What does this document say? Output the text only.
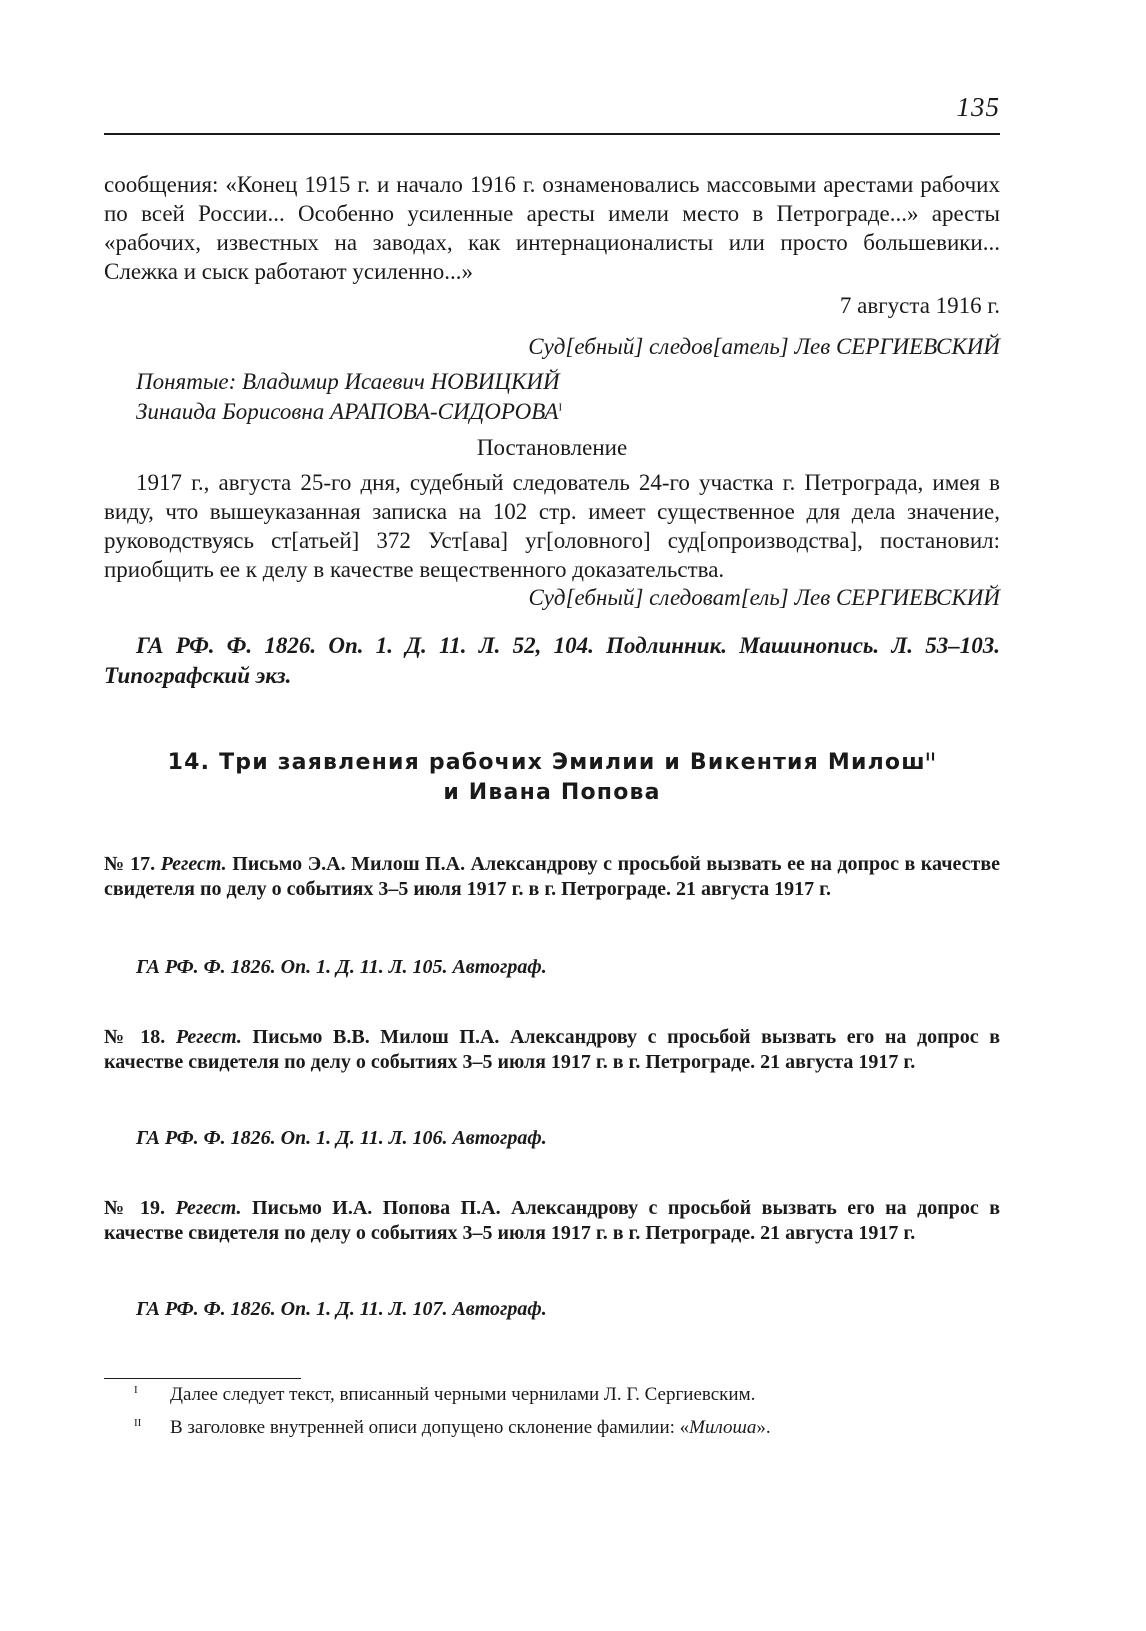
135

сообщения: «Конец 1915 г. и начало 1916 г. ознаменовались массовыми арестами рабочих по всей России... Особенно усиленные аресты имели место в Петрограде...» аресты «рабочих, известных на заводах, как интернационалисты или просто большевики... Слежка и сыск работают усиленно...»

7 августа 1916 г.
Суд[ебный] следов[атель] Лев СЕРГИЕВСКИЙ
Понятые: Владимир Исаевич НОВИЦКИЙ
Зинаида Борисовна АРАПОВА-$СИДОРОВА^I$
Постановление

1917 г., августа 25-го дня, судебный следователь 24-го участка г. Петрограда, имея в виду, что вышеуказанная записка на 102 стр. имеет существенное для дела значение, руководствуясь ст[атьей] 372 Уст[ава] уг[оловного] суд[опроизводства], постановил: приобщить ее к делу в качестве вещественного доказательства.

Суд[ебный] следоват[ель] Лев СЕРГИЕВСКИЙ

ГА РФ. Ф. 1826. Оп. 1. Д. 11. Л. 52, 104. Подлинник. Машинопись. Л. 53–103. Типографский экз.

14. Три заявления рабочих Эмилии и Викентия Милош$^{II}$
и Ивана Попова

№ 17. Регест. Письмо Э.А. Милош П.А. Александрову с просьбой вызвать ее на допрос в качестве свидетеля по делу о событиях 3–5 июля 1917 г. в г. Петрограде. 21 августа 1917 г.

ГА РФ. Ф. 1826. Оп. 1. Д. 11. Л. 105. Автограф.

№ 18. Регест. Письмо В.В. Милош П.А. Александрову с просьбой вызвать его на допрос в качестве свидетеля по делу о событиях 3–5 июля 1917 г. в г. Петрограде. 21 августа 1917 г.

ГА РФ. Ф. 1826. Оп. 1. Д. 11. Л. 106. Автограф.

№ 19. Регест. Письмо И.А. Попова П.А. Александрову с просьбой вызвать его на допрос в качестве свидетеля по делу о событиях 3–5 июля 1917 г. в г. Петрограде. 21 августа 1917 г.

ГА РФ. Ф. 1826. Оп. 1. Д. 11. Л. 107. Автограф.
I Далее следует текст, вписанный черными чернилами Л. Г. Сергиевским.
II В заголовке внутренней описи допущено склонение фамилии: «Милоша».
